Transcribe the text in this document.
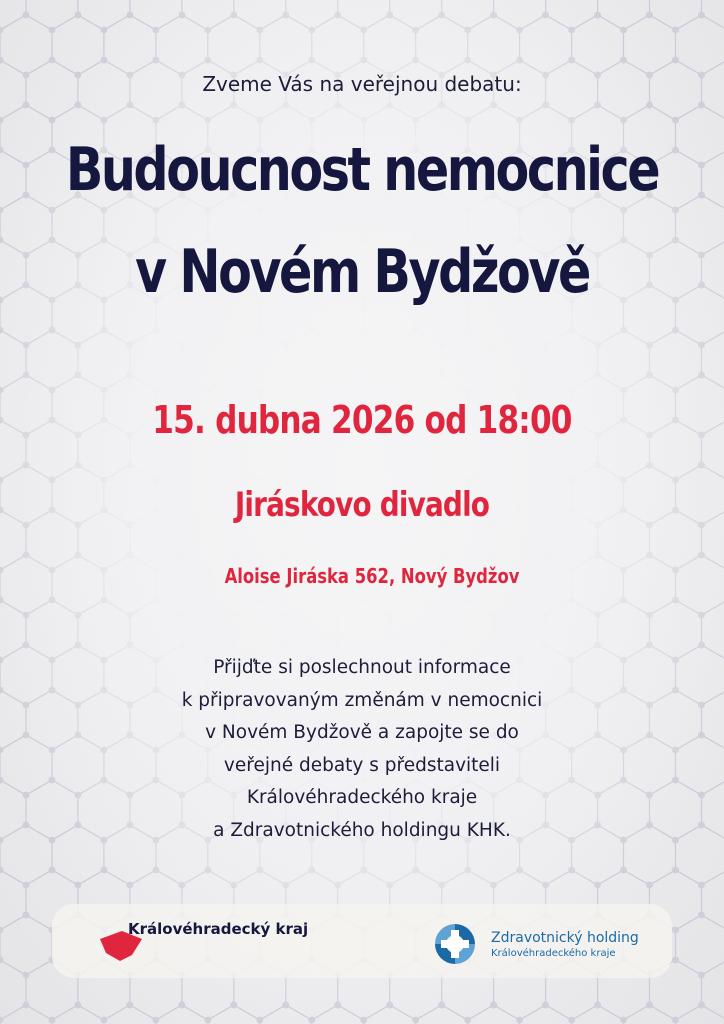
Zveme Vás na veřejnou debatu:
Budoucnost nemocnice
v Novém Bydžově
15. dubna 2026 od 18:00
Jiráskovo divadlo
Aloise Jiráska 562, Nový Bydžov
Přijďte si poslechnout informace
k připravovaným změnám v nemocnici
v Novém Bydžově a zapojte se do
veřejné debaty s představiteli
Královéhradeckého kraje
a Zdravotnického holdingu KHK.
Královéhradecký kraj	Zdravotnický holding
Královéhradeckého kraje
